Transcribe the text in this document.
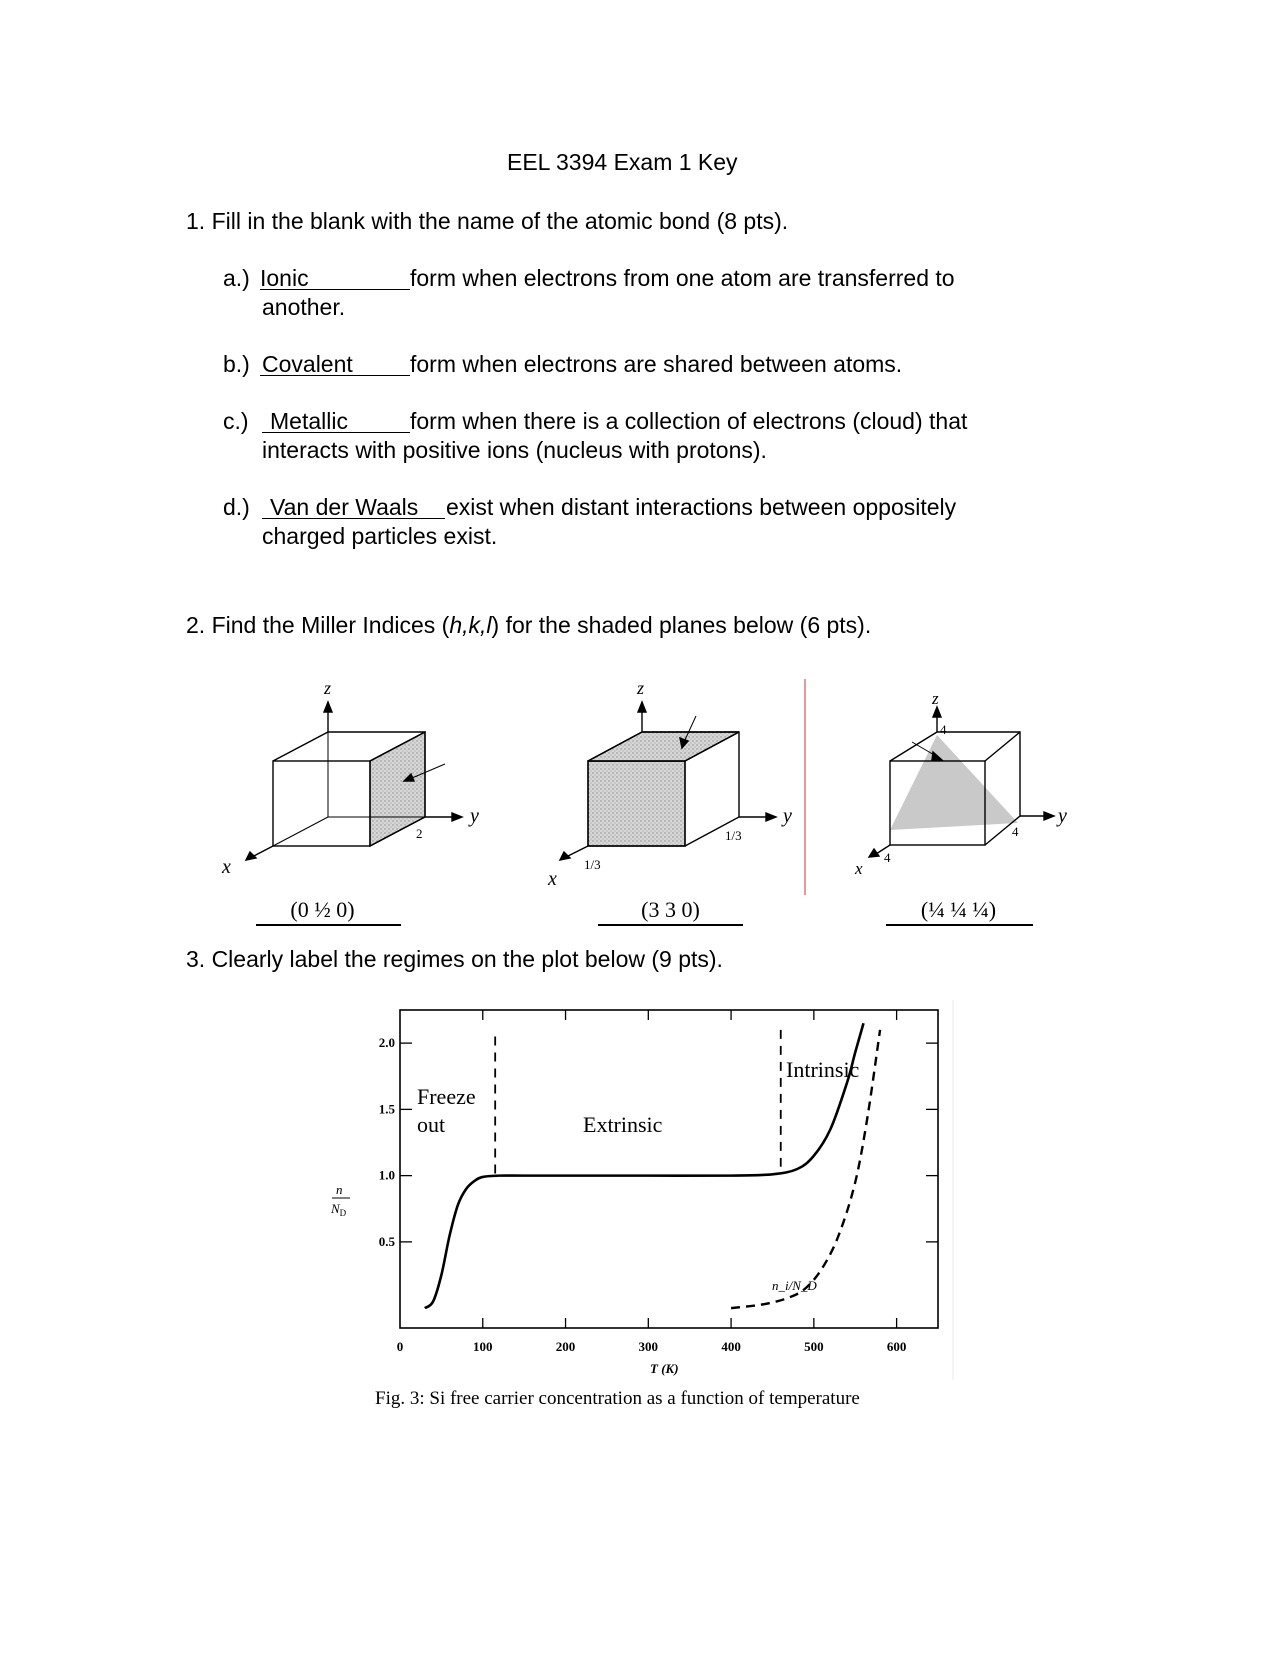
EEL 3394 Exam 1 Key
1. Fill in the blank with the name of the atomic bond (8 pts).
a.) Ionic	form when electrons from one atom are transferred to
another.
b.) Covalent form when electrons are shared between atoms.
c.) Metallic	form when there is a collection of electrons (cloud) that
interacts with positive ions (nucleus with protons).
d.) Van der Waals exist when distant interactions between oppositely
charged particles exist.
2. Find the Miller Indices (h,k,l) for the shaded planes below (6 pts).
z
y
x
2
z
y
x
1/3
1/3
z
y
x
4
4
4
(0 ½ 0)	(3 3 0)	(¼ ¼ ¼)
3. Clearly label the regimes on the plot below (9 pts).
0	100	200	300	400	500	600
0.5
1.0
1.5
2.0
Freeze
out	Extrinsic
Intrinsic
n_i/N_D
n
$N_D$
T (K)
Fig. 3: Si free carrier concentration as a function of temperature
